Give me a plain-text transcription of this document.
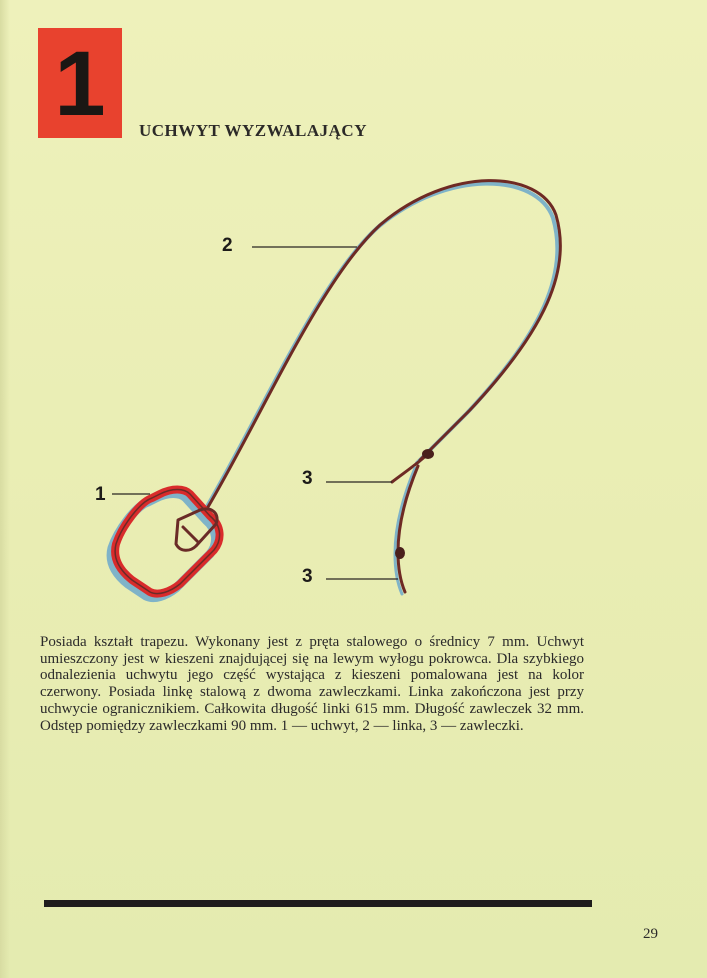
1	UCHWYT WYZWALAJĄCY
2
1
3
3

Posiada kształt trapezu. Wykonany jest z pręta stalowego o średnicy 7 mm. Uchwyt umieszczony jest w kieszeni znajdującej się na lewym wyłogu pokrowca. Dla szybkiego odnalezienia uchwytu jego część wystająca z kieszeni pomalowana jest na kolor czerwony. Posiada linkę stalową z dwoma zawleczkami. Linka zakończona jest przy uchwycie ogranicznikiem. Całkowita długość linki 615 mm. Długość zawleczek 32 mm. Odstęp pomiędzy zawleczkami 90 mm. 1 — uchwyt, 2 — linka, 3 — zawleczki.

29
